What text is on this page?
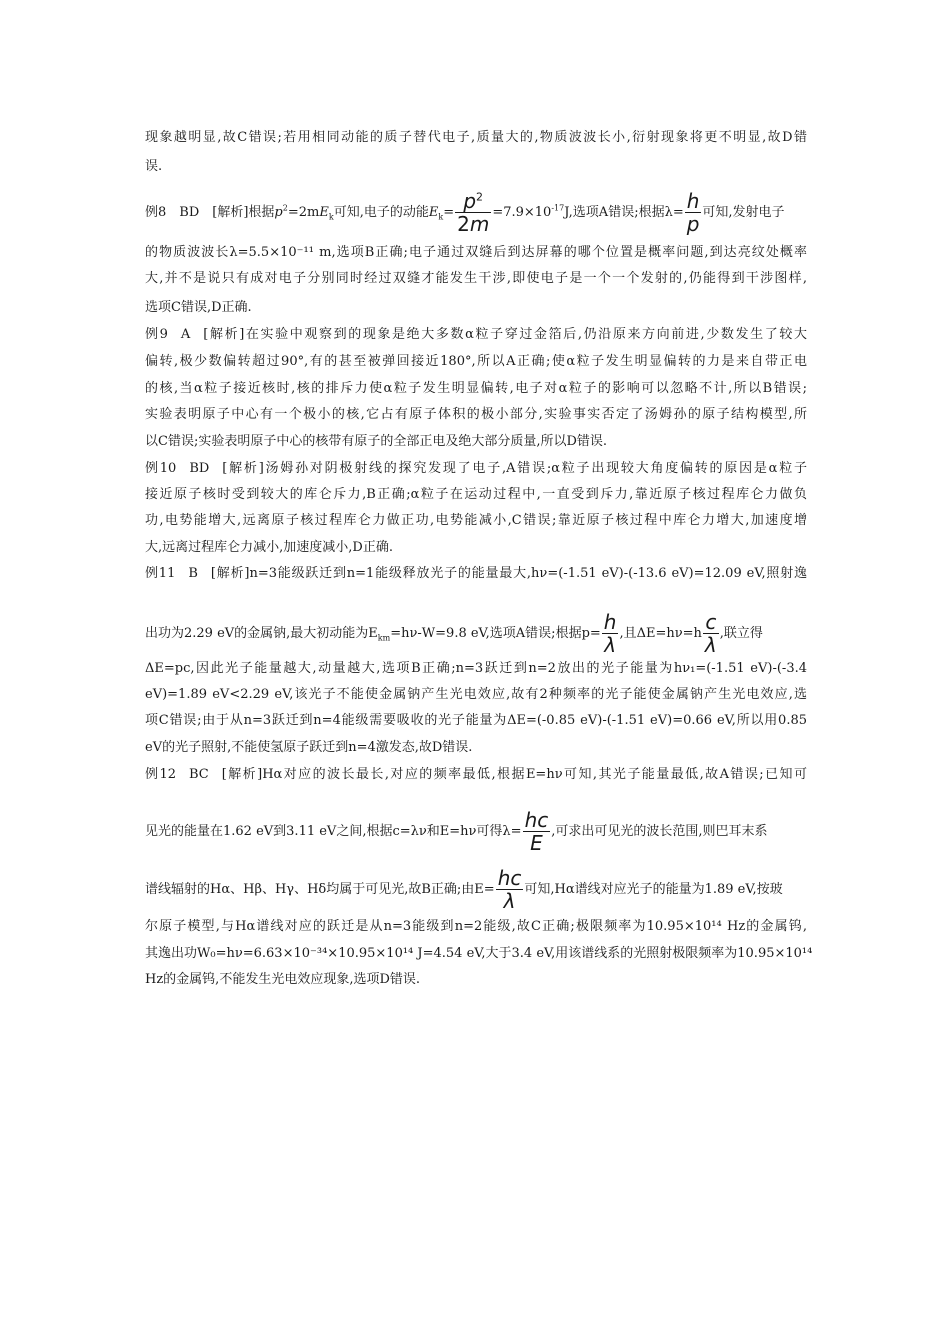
现象越明显,故C错误;若用相同动能的质子替代电子,质量大的,物质波波长小,衍射现象将更不明显,故D错
误.
例8 BD [解析]根据$p^2=2mE_k$可知,电子的动能$E_k= \frac{p^2}{2m} =7.9\times 10^{-17}J$,选项A错误;根据$\lambda= \frac{h}{p}$ 可知,发射电子
的物质波波长λ=5.5×10⁻¹¹ m,选项B正确;电子通过双缝后到达屏幕的哪个位置是概率问题,到达亮纹处概率
大,并不是说只有成对电子分别同时经过双缝才能发生干涉,即使电子是一个一个发射的,仍能得到干涉图样,
选项C错误,D正确.
例9 A [解析]在实验中观察到的现象是绝大多数α粒子穿过金箔后,仍沿原来方向前进,少数发生了较大
偏转,极少数偏转超过90°,有的甚至被弹回接近180°,所以A正确;使α粒子发生明显偏转的力是来自带正电
的核,当α粒子接近核时,核的排斥力使α粒子发生明显偏转,电子对α粒子的影响可以忽略不计,所以B错误;
实验表明原子中心有一个极小的核,它占有原子体积的极小部分,实验事实否定了汤姆孙的原子结构模型,所
以C错误;实验表明原子中心的核带有原子的全部正电及绝大部分质量,所以D错误.
例10 BD [解析]汤姆孙对阴极射线的探究发现了电子,A错误;α粒子出现较大角度偏转的原因是α粒子
接近原子核时受到较大的库仑斥力,B正确;α粒子在运动过程中,一直受到斥力,靠近原子核过程库仑力做负
功,电势能增大,远离原子核过程库仑力做正功,电势能减小,C错误;靠近原子核过程中库仑力增大,加速度增
大,远离过程库仑力减小,加速度减小,D正确.
例11 B [解析]n=3能级跃迁到n=1能级释放光子的能量最大,hν=(-1.51 eV)-(-13.6 eV)=12.09 eV,照射逸
出功为2.29 eV的金属钠,最大初动能为$E_{km}=h\nu-W=9.8$ eV,选项A错误;根据$p= \frac{h}{\lambda}$ ,且$\Delta E=h\nu=h \frac{c}{\lambda}$ ,联立得
ΔE=pc,因此光子能量越大,动量越大,选项B正确;n=3跃迁到n=2放出的光子能量为hν₁=(-1.51 eV)-(-3.4
eV)=1.89 eV<2.29 eV,该光子不能使金属钠产生光电效应,故有2种频率的光子能使金属钠产生光电效应,选
项C错误;由于从n=3跃迁到n=4能级需要吸收的光子能量为ΔE=(-0.85 eV)-(-1.51 eV)=0.66 eV,所以用0.85
eV的光子照射,不能使氢原子跃迁到n=4激发态,故D错误.
例12 BC [解析]Hα对应的波长最长,对应的频率最低,根据E=hν可知,其光子能量最低,故A错误;已知可
见光的能量在1.62 eV到3.11 eV之间,根据c=λν和E=hν可得$\lambda= \frac{hc}{E}$ ,可求出可见光的波长范围,则巴耳末系
谱线辐射的Hα、Hβ、Hγ、Hδ均属于可见光,故B正确;由$E= \frac{hc}{\lambda}$ 可知,Hα谱线对应光子的能量为1.89 eV,按玻
尔原子模型,与Hα谱线对应的跃迁是从n=3能级到n=2能级,故C正确;极限频率为10.95×10¹⁴ Hz的金属钨,
其逸出功W₀=hν=6.63×10⁻³⁴×10.95×10¹⁴ J=4.54 eV,大于3.4 eV,用该谱线系的光照射极限频率为10.95×10¹⁴
Hz的金属钨,不能发生光电效应现象,选项D错误.
